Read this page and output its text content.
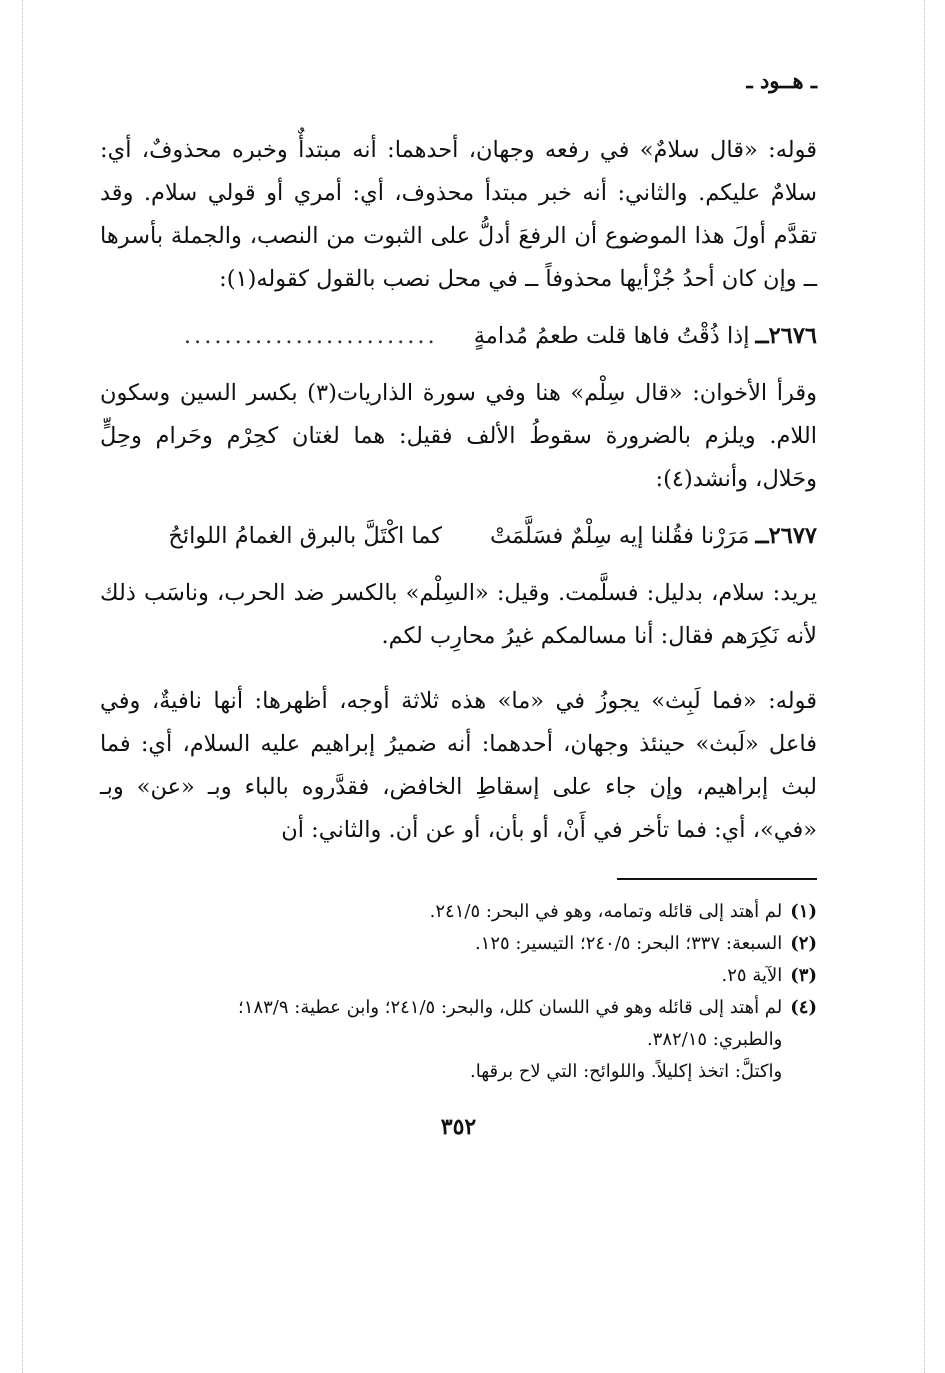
ـ هــود ـ

قوله: «قال سلامٌ» في رفعه وجهان، أحدهما: أنه مبتدأٌ وخبره محذوفٌ، أي: سلامٌ عليكم. والثاني: أنه خبر مبتدأ محذوف، أي: أمري أو قولي سلام. وقد تقدَّم أولَ هذا الموضوع أن الرفعَ أدلُّ على الثبوت من النصب، والجملة بأسرها ــ وإن كان أحدُ جُزْأيها محذوفاً ــ في محل نصب بالقول كقوله(١):

٢٦٧٦ــ
إذا ذُقْتُ فاها قلت طعمُ مُدامةٍ
.........................

وقرأ الأخوان: «قال سِلْم» هنا وفي سورة الذاريات(٣) بكسر السين وسكون اللام. ويلزم بالضرورة سقوطُ الألف فقيل: هما لغتان كحِرْم وحَرام وحِلٍّ وحَلال، وأنشد(٤):

٢٦٧٧ــ
مَرَرْنا فقُلنا إيه سِلْمٌ فسَلَّمَتْ
كما اكْتَلَّ بالبرق الغمامُ اللوائحُ

يريد: سلام، بدليل: فسلَّمت. وقيل: «السِلْم» بالكسر ضد الحرب، وناسَب ذلك لأنه نَكِرَهم فقال: أنا مسالمكم غيرُ محارِب لكم.

قوله: «فما لَبِث» يجوزُ في «ما» هذه ثلاثة أوجه، أظهرها: أنها نافيةٌ، وفي فاعل «لَبث» حينئذ وجهان، أحدهما: أنه ضميرُ إبراهيم عليه السلام، أي: فما لبث إبراهيم، وإن جاء على إسقاطِ الخافض، فقدَّروه بالباء وبـ «عن» وبـ «في»، أي: فما تأخر في أَنْ، أو بأن، أو عن أن. والثاني: أن

(١)
لم أهتد إلى قائله وتمامه، وهو في البحر: ٢٤١/٥.
(٢)
السبعة: ٣٣٧؛ البحر: ٢٤٠/٥؛ التيسير: ١٢٥.
(٣)
الآية ٢٥.
(٤)
لم أهتد إلى قائله وهو في اللسان كلل، والبحر: ٢٤١/٥؛ وابن عطية: ١٨٣/٩؛
والطبري: ٣٨٢/١٥.
واكتلَّ: اتخذ إكليلاً. واللوائح: التي لاح برقها.
٣٥٢
